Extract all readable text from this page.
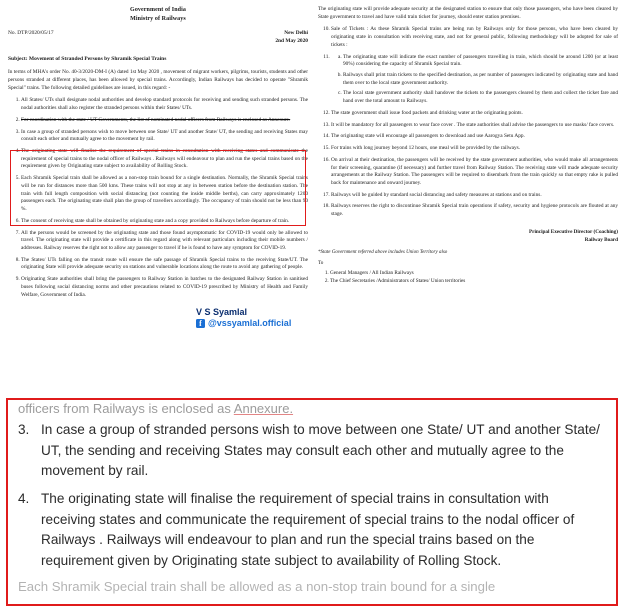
Government of India
Ministry of Railways
No. DTP/2020/05/17	New Delhi
2nd May 2020
Subject: Movement of Stranded Persons by Shramik Special Trains
In terms of MHA's order No. 40-3/2020-DM-I (A) dated 1st May 2020 , movement of migrant workers, pilgrims, tourists, students and other persons stranded at different places, has been allowed by special trains. Accordingly, Indian Railways has decided to operate "Shramik Special" trains. The following detailed guidelines are issued, in this regard: -
1. All States/ UTs shall designate nodal authorities and develop standard protocols for receiving and sending such stranded persons. The nodal authorities shall also register the stranded persons within their States/ UTs.
2. For coordination with the state / UT Governments, the list of nominated nodal officers from Railways is enclosed as Annexure.
3. In case a group of stranded persons wish to move between one State/ UT and another State/ UT, the sending and receiving States may consult each other and mutually agree to the movement by rail.
4. The originating state will finalise the requirement of special trains in consultation with receiving states and communicate the requirement of special trains to the nodal officer of Railways . Railways will endeavour to plan and run the special trains based on the requirement given by Originating state subject to availability of Rolling Stock.
5. Each Shramik Special train shall be allowed as a non-stop train bound for a single destination. Normally, the Shramik Special trains will be run for distances more than 500 kms. These trains will not stop at any in between station before the destination station. The train with full length composition with social distancing (not counting the inside middle berths), can carry approximately 1200 passengers each. The originating state shall plan the group of travellers accordingly. The occupancy of train should not be less than 90 %.
6. The consent of receiving state shall be obtained by originating state and a copy provided to Railways before departure of train.
7. All the persons would be screened by the originating state and those found asymptomatic for COVID-19 would only be allowed to travel. The originating state will provide a certificate in this regard along with relevant particulars including their mobile numbers / addresses. Railway reserves the right not to allow any passenger to travel if he is found to have any symptom for COVID-19.
8. The States/ UTs falling on the transit route will ensure the safe passage of Shramik Special trains to the receiving State/UT. The originating State will provide adequate security on stations and vulnerable locations along the route to avoid any gathering of people.
9. Originating State authorities shall bring the passengers to Railway Station in batches to the designated Railway Station in sanitised buses following social distancing norms and other precautions related to COVID-19 prescribed by Ministry of Health and Family Welfare, Government of India.
The originating state will provide adequate security at the designated station to ensure that only those passengers, who have been cleared by State government to travel and have valid train ticket for journey, should enter station premises.
10. Sale of Tickets : As these Shramik Special trains are being run by Railways only for those persons, who have been cleared by originating state in consultation with receiving state, and not for general public, following methodology will be adopted for sale of tickets :
a. 11. The originating state will indicate the exact number of passengers travelling in train, which should be around 1200 (or at least 90%) considering the capacity of Shramik Special train.
b. Railways shall print train tickets to the specified destination, as per number of passengers indicated by originating state and hand them over to the local state government authority.
c. The local state government authority shall handover the tickets to the passengers cleared by them and collect the ticket fare and hand over the total amount to Railways.
12. The state government shall issue food packets and drinking water at the originating points.
13. It will be mandatory for all passengers to wear face cover . The state authorities shall advise the passengers to use masks/ face covers.
14. The originating state will encourage all passengers to download and use Aarogya Setu App.
15. For trains with long journey beyond 12 hours, one meal will be provided by the railways.
16. On arrival at their destination, the passengers will be received by the state government authorities, who would make all arrangements for their screening, quarantine (if necessary) and further travel from Railway Station. The receiving state will made adequate security arrangements at the Railway Station. The passengers will be required to disembark from the train quickly so that empty rake is pulled back for maintenance and onward journey.
17. Railways will be guided by standard social distancing and safety measures at stations and on trains.
18. Railways reserves the right to discontinue Shramik Special train operations if safety, security and hygiene protocols are flouted at any stage.
Principal Executive Director (Coaching)
Railway Board
*State Government referred above includes Union Territory also
To
1. General Managers / All Indian Railways
2. The Chief Secretaries /Administrators of States/ Union territories
V S Syamlal
f @vssyamlal.official
officers from Railways is enclosed as Annexure.
3. In case a group of stranded persons wish to move between one State/ UT and another State/ UT, the sending and receiving States may consult each other and mutually agree to the movement by rail.
4. The originating state will finalise the requirement of special trains in consultation with receiving states and communicate the requirement of special trains to the nodal officer of Railways . Railways will endeavour to plan and run the special trains based on the requirement given by Originating state subject to availability of Rolling Stock.
Each Shramik Special train shall be allowed as a non-stop train bound for a single
